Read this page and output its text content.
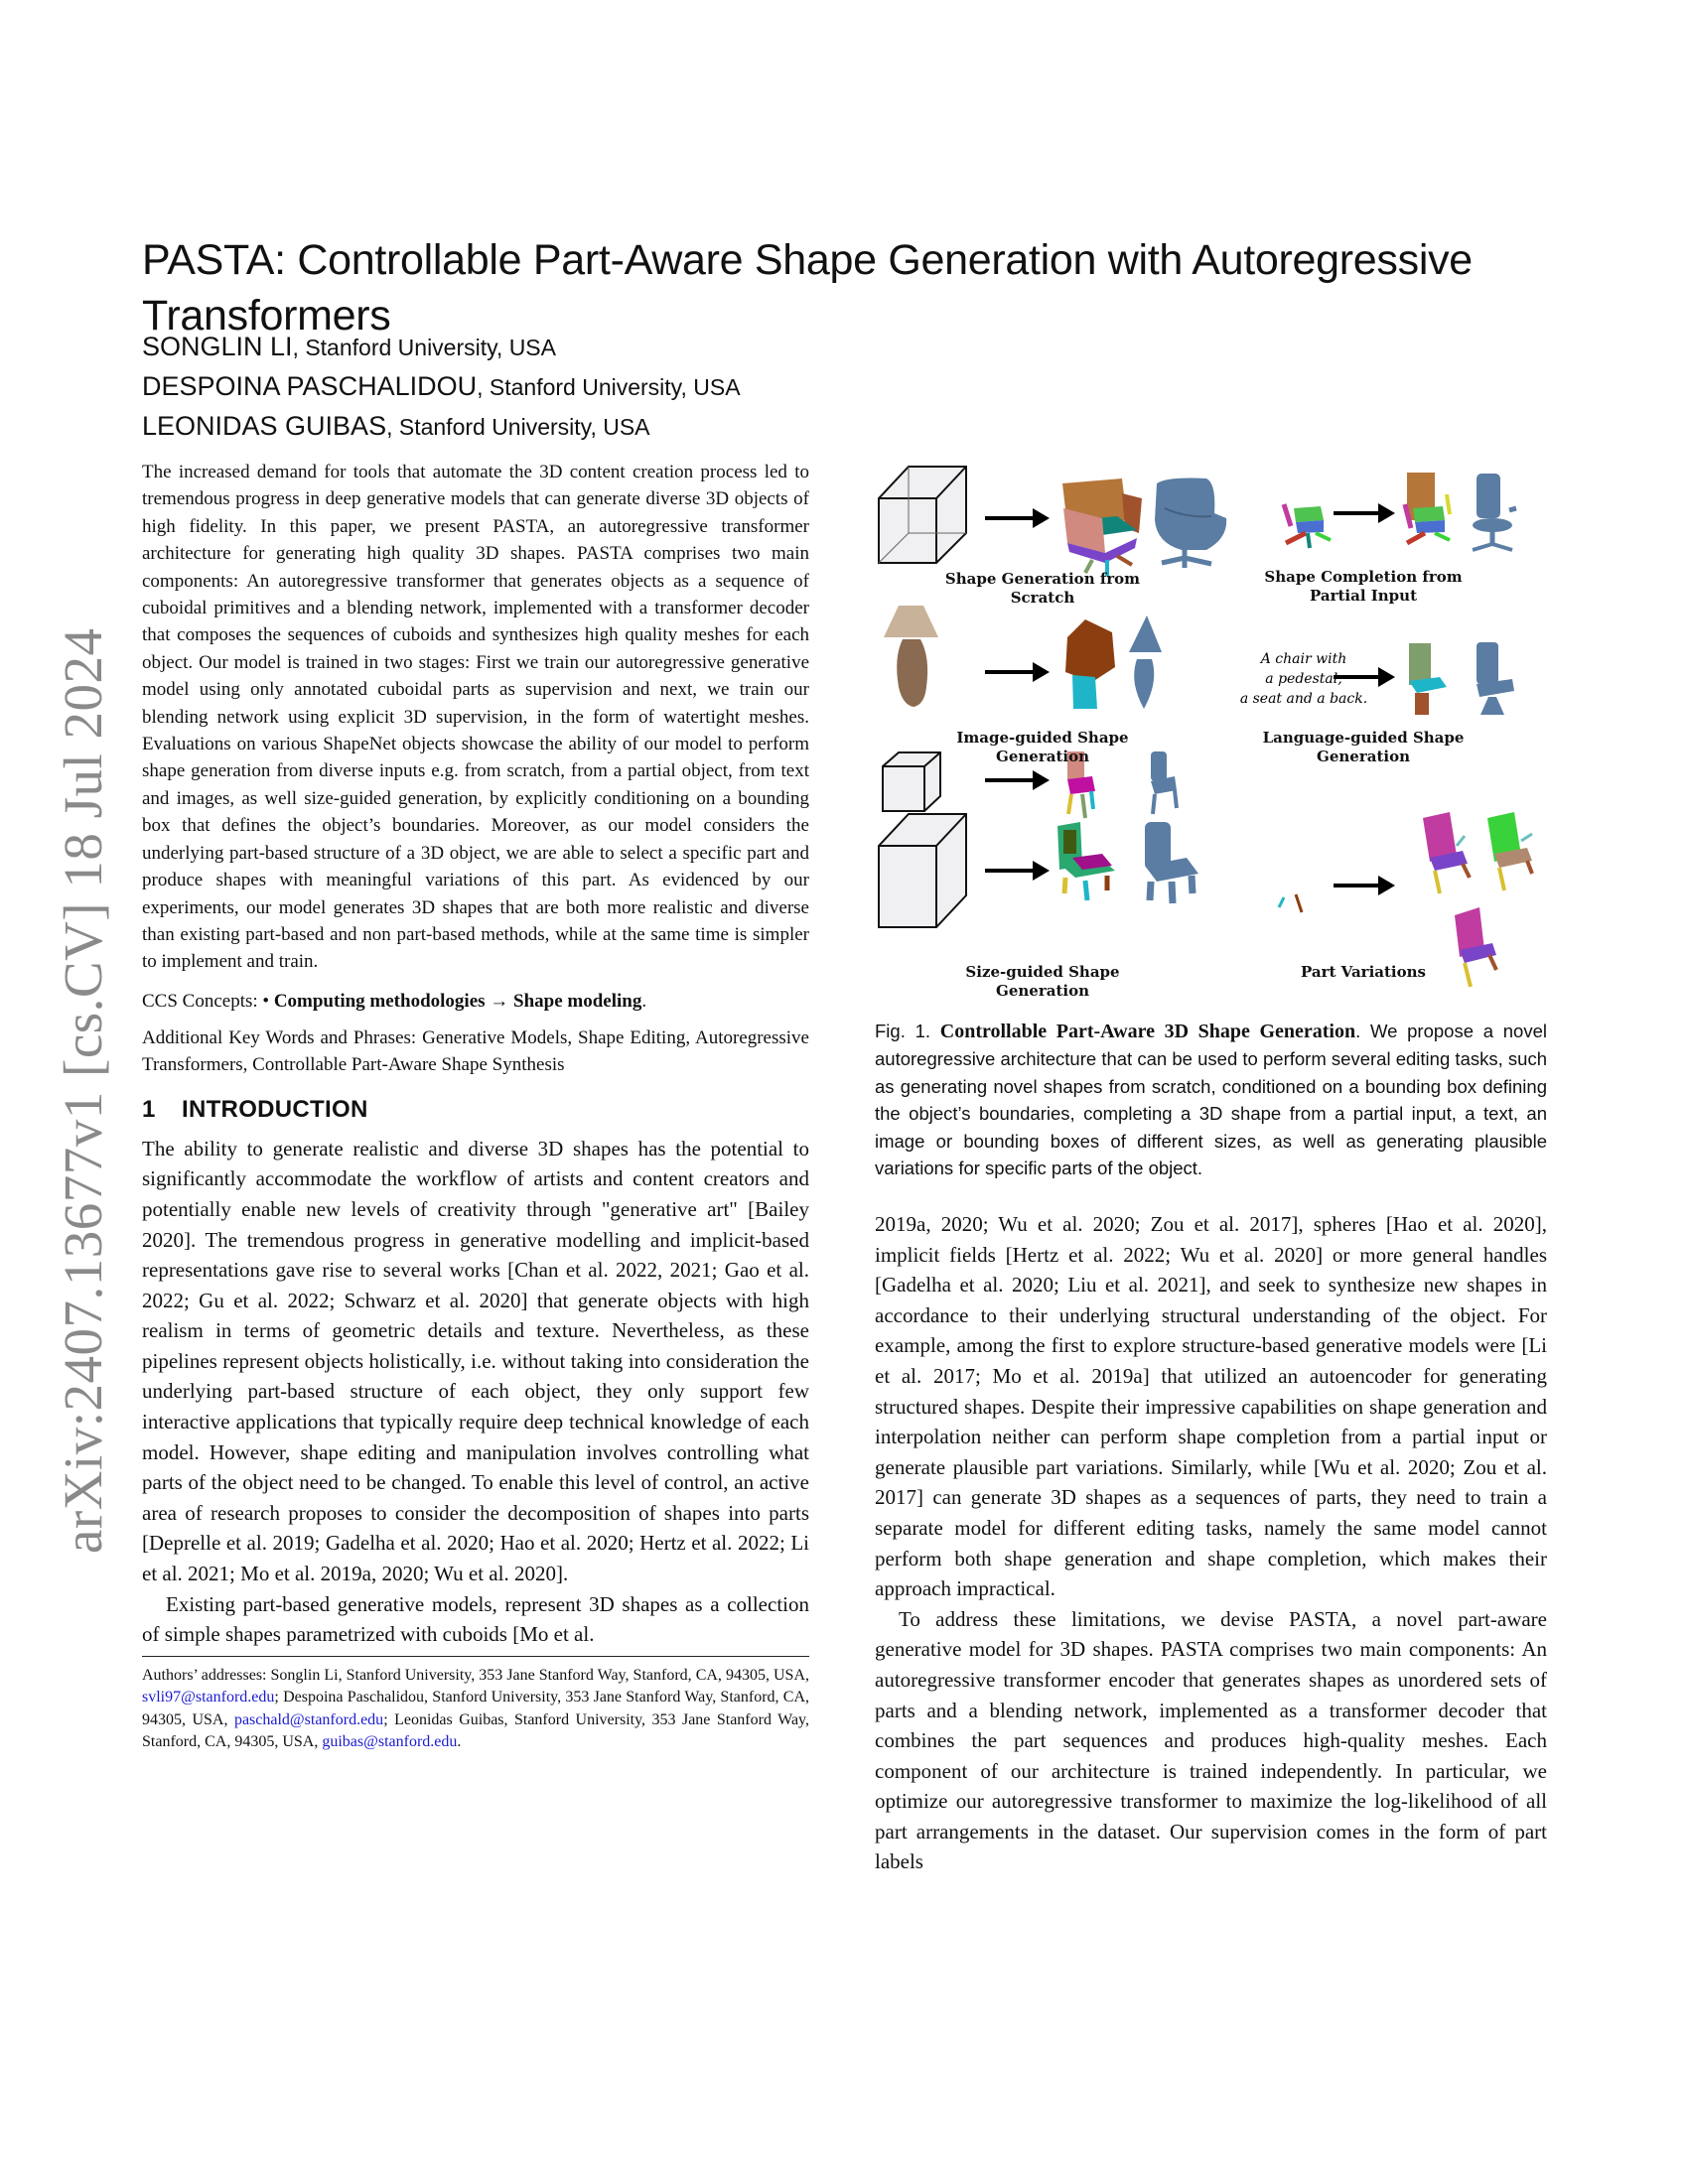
arXiv:2407.13677v1 [cs.CV] 18 Jul 2024
PASTA: Controllable Part-Aware Shape Generation with Autoregressive Transformers
SONGLIN LI, Stanford University, USA
DESPOINA PASCHALIDOU, Stanford University, USA
LEONIDAS GUIBAS, Stanford University, USA

The increased demand for tools that automate the 3D content creation process led to tremendous progress in deep generative models that can generate diverse 3D objects of high fidelity. In this paper, we present PASTA, an autoregressive transformer architecture for generating high quality 3D shapes. PASTA comprises two main components: An autoregressive transformer that generates objects as a sequence of cuboidal primitives and a blending network, implemented with a transformer decoder that composes the sequences of cuboids and synthesizes high quality meshes for each object. Our model is trained in two stages: First we train our autoregressive generative model using only annotated cuboidal parts as supervision and next, we train our blending network using explicit 3D supervision, in the form of watertight meshes. Evaluations on various ShapeNet objects showcase the ability of our model to perform shape generation from diverse inputs e.g. from scratch, from a partial object, from text and images, as well size-guided generation, by explicitly conditioning on a bounding box that defines the object’s boundaries. Moreover, as our model considers the underlying part-based structure of a 3D object, we are able to select a specific part and produce shapes with meaningful variations of this part. As evidenced by our experiments, our model generates 3D shapes that are both more realistic and diverse than existing part-based and non part-based methods, while at the same time is simpler to implement and train.

CCS Concepts: • Computing methodologies → Shape modeling.

Additional Key Words and Phrases: Generative Models, Shape Editing, Autoregressive Transformers, Controllable Part-Aware Shape Synthesis

1 INTRODUCTION

The ability to generate realistic and diverse 3D shapes has the potential to significantly accommodate the workflow of artists and content creators and potentially enable new levels of creativity through "generative art" [Bailey 2020]. The tremendous progress in generative modelling and implicit-based representations gave rise to several works [Chan et al. 2022, 2021; Gao et al. 2022; Gu et al. 2022; Schwarz et al. 2020] that generate objects with high realism in terms of geometric details and texture. Nevertheless, as these pipelines represent objects holistically, i.e. without taking into consideration the underlying part-based structure of each object, they only support few interactive applications that typically require deep technical knowledge of each model. However, shape editing and manipulation involves controlling what parts of the object need to be changed. To enable this level of control, an active area of research proposes to consider the decomposition of shapes into parts [Deprelle et al. 2019; Gadelha et al. 2020; Hao et al. 2020; Hertz et al. 2022; Li et al. 2021; Mo et al. 2019a, 2020; Wu et al. 2020].

Existing part-based generative models, represent 3D shapes as a collection of simple shapes parametrized with cuboids [Mo et al.

Authors’ addresses: Songlin Li, Stanford University, 353 Jane Stanford Way, Stanford, CA, 94305, USA, svli97@stanford.edu; Despoina Paschalidou, Stanford University, 353 Jane Stanford Way, Stanford, CA, 94305, USA, paschald@stanford.edu; Leonidas Guibas, Stanford University, 353 Jane Stanford Way, Stanford, CA, 94305, USA, guibas@stanford.edu.

A chair with
a pedestal,
a seat and a back.
Shape Generation from
Scratch
Shape Completion from
Partial Input
Image-guided Shape
Generation
Language-guided Shape
Generation
Size-guided Shape
Generation
Part Variations
Fig. 1. Controllable Part-Aware 3D Shape Generation. We propose a novel autoregressive architecture that can be used to perform several editing tasks, such as generating novel shapes from scratch, conditioned on a bounding box defining the object’s boundaries, completing a 3D shape from a partial input, a text, an image or bounding boxes of different sizes, as well as generating plausible variations for specific parts of the object.

2019a, 2020; Wu et al. 2020; Zou et al. 2017], spheres [Hao et al. 2020], implicit fields [Hertz et al. 2022; Wu et al. 2020] or more general handles [Gadelha et al. 2020; Liu et al. 2021], and seek to synthesize new shapes in accordance to their underlying structural understanding of the object. For example, among the first to explore structure-based generative models were [Li et al. 2017; Mo et al. 2019a] that utilized an autoencoder for generating structured shapes. Despite their impressive capabilities on shape generation and interpolation neither can perform shape completion from a partial input or generate plausible part variations. Similarly, while [Wu et al. 2020; Zou et al. 2017] can generate 3D shapes as a sequences of parts, they need to train a separate model for different editing tasks, namely the same model cannot perform both shape generation and shape completion, which makes their approach impractical.

To address these limitations, we devise PASTA, a novel part-aware generative model for 3D shapes. PASTA comprises two main components: An autoregressive transformer encoder that generates shapes as unordered sets of parts and a blending network, implemented as a transformer decoder that combines the part sequences and produces high-quality meshes. Each component of our architecture is trained independently. In particular, we optimize our autoregressive transformer to maximize the log-likelihood of all part arrangements in the dataset. Our supervision comes in the form of part labels
